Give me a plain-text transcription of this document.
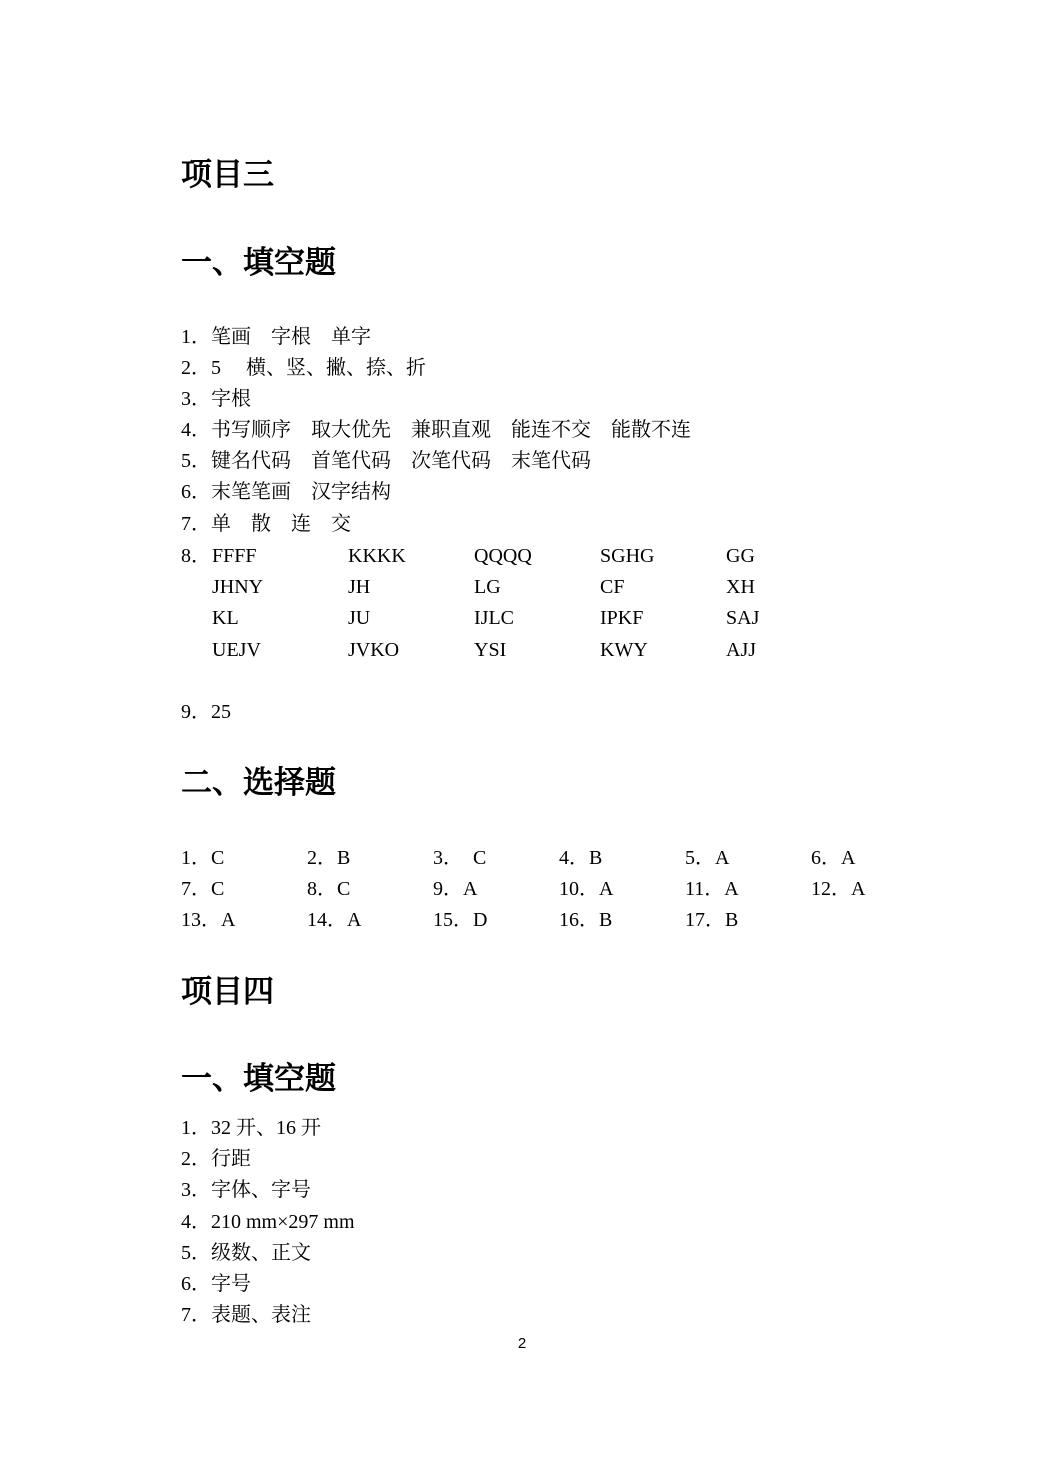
项目三
一、填空题
1．笔画　字根　单字
2．5　 横、竖、撇、捺、折
3．字根
4．书写顺序　取大优先　兼职直观　能连不交　能散不连
5．键名代码　首笔代码　次笔代码　末笔代码
6．末笔笔画　汉字结构
7．单　散　连　交
8． FFFF	KKKK	QQQQ	SGHG	GG
JHNY	JH	LG	CF	XH
KL	JU	IJLC	IPKF	SAJ
UEJV	JVKO	YSI	KWY	AJJ
9．25
二、选择题
1．C	2．B	3．  C	4．B	5．A	6．A
7．C	8．C	9．A	10．A	11．A	12．A
13．A	14．A	15．D	16．B	17．B
项目四
一、填空题
1．32 开、16 开
2．行距
3．字体、字号
4．210 mm×297 mm
5．级数、正文
6．字号
7．表题、表注
2
